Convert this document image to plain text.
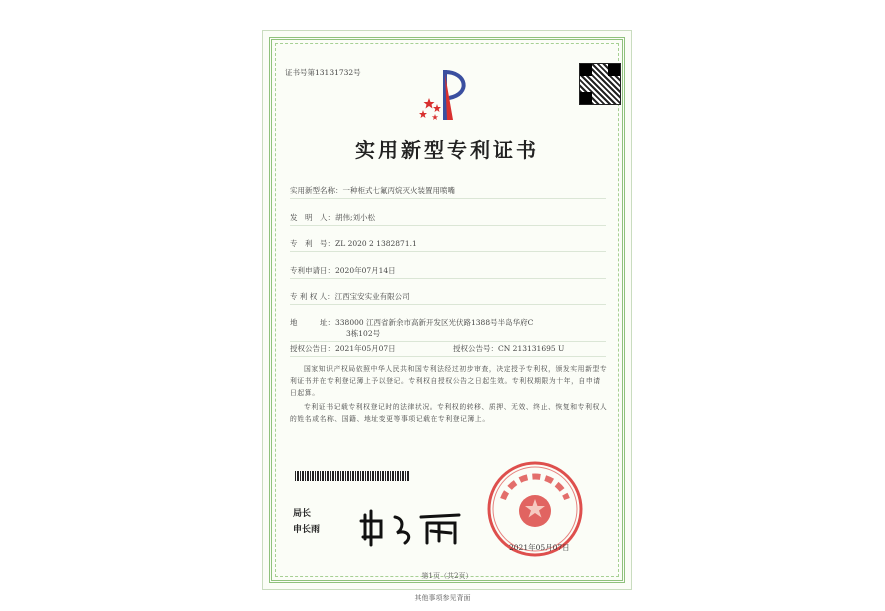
证书号第13131732号
实用新型专利证书
实用新型名称：一种柜式七氟丙烷灭火装置用喷嘴
发　明　人：胡伟;刘小松
专　利　号：ZL 2020 2 1382871.1
专利申请日：2020年07月14日
专 利 权 人：江西宝安实业有限公司
地　　　址：338000 江西省新余市高新开发区光伏路1388号半岛华府C
3栋102号
授权公告日：2021年05月07日	授权公告号：CN 213131695 U
国家知识产权局依照中华人民共和国专利法经过初步审查，决定授予专利权，颁发实用新型专利证书并在专利登记簿上予以登记。专利权自授权公告之日起生效。专利权期限为十年，自申请日起算。
专利证书记载专利权登记时的法律状况。专利权的转移、质押、无效、终止、恢复和专利权人的姓名或名称、国籍、地址变更等事项记载在专利登记簿上。
局长
申长雨
2021年05月07日
第1页（共2页）
其他事项参见背面
